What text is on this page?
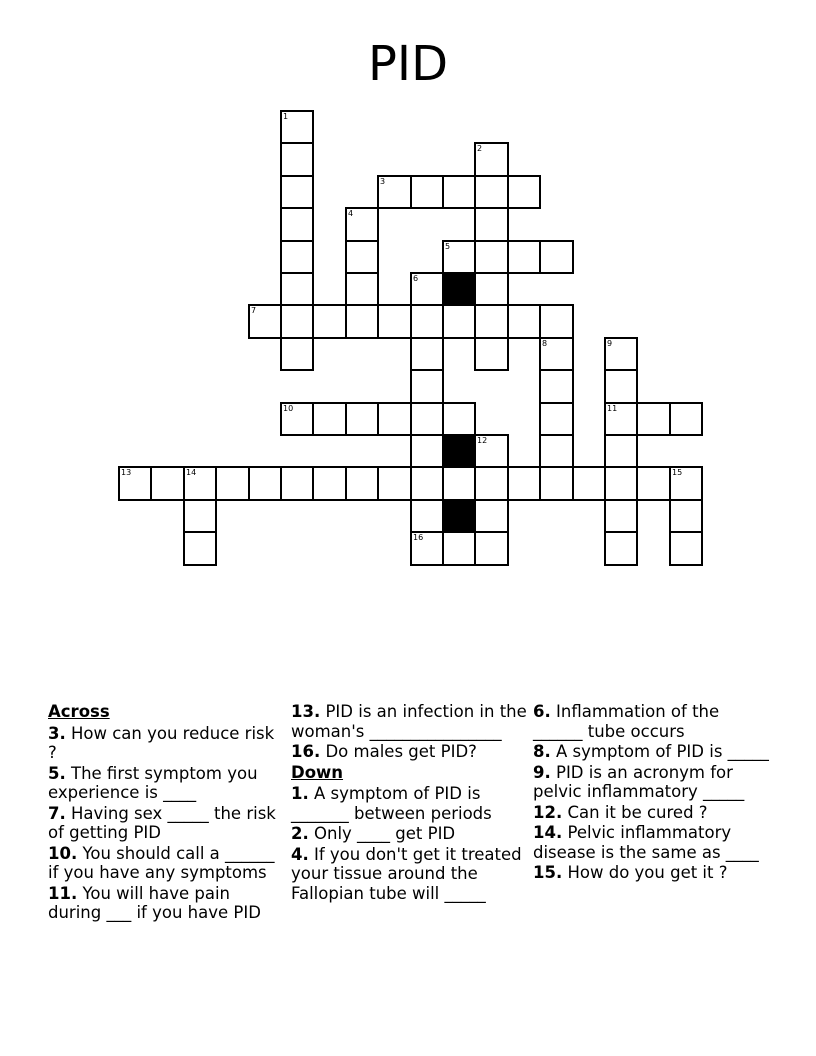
PID
1
2
3
4
5
6
16
7
8	9
11
10
12
13	14	15
Across

3. How can you reduce risk ?

5. The first symptom you experience is ____

7. Having sex _____ the risk of getting PID

10. You should call a ______ if you have any symptoms

11. You will have pain during ___ if you have PID

13. PID is an infection in the woman's ________________

16. Do males get PID?

Down

1. A symptom of PID is _______ between periods

2. Only ____ get PID

4. If you don't get it treated your tissue around the Fallopian tube will _____

6. Inflammation of the ______ tube occurs

8. A symptom of PID is _____

9. PID is an acronym for pelvic inflammatory _____

12. Can it be cured ?

14. Pelvic inflammatory disease is the same as ____

15. How do you get it ?
